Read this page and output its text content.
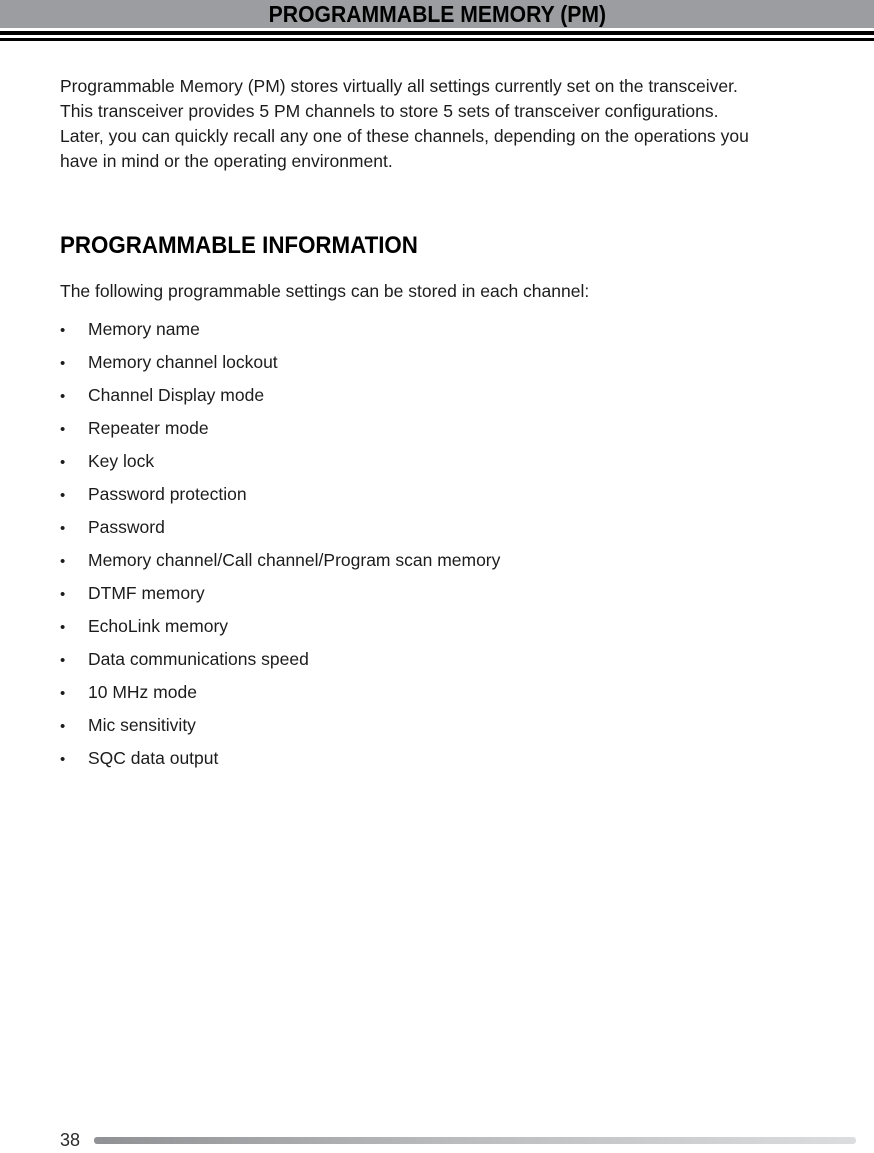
PROGRAMMABLE MEMORY (PM)

Programmable Memory (PM) stores virtually all settings currently set on the transceiver. This transceiver provides 5 PM channels to store 5 sets of transceiver configurations. Later, you can quickly recall any one of these channels, depending on the operations you have in mind or the operating environment.

PROGRAMMABLE INFORMATION

The following programmable settings can be stored in each channel:

•	Memory name
•	Memory channel lockout
•	Channel Display mode
•	Repeater mode
•	Key lock
•	Password protection
•	Password
•	Memory channel/Call channel/Program scan memory
•	DTMF memory
•	EchoLink memory
•	Data communications speed
•	10 MHz mode
•	Mic sensitivity
•	SQC data output
38
